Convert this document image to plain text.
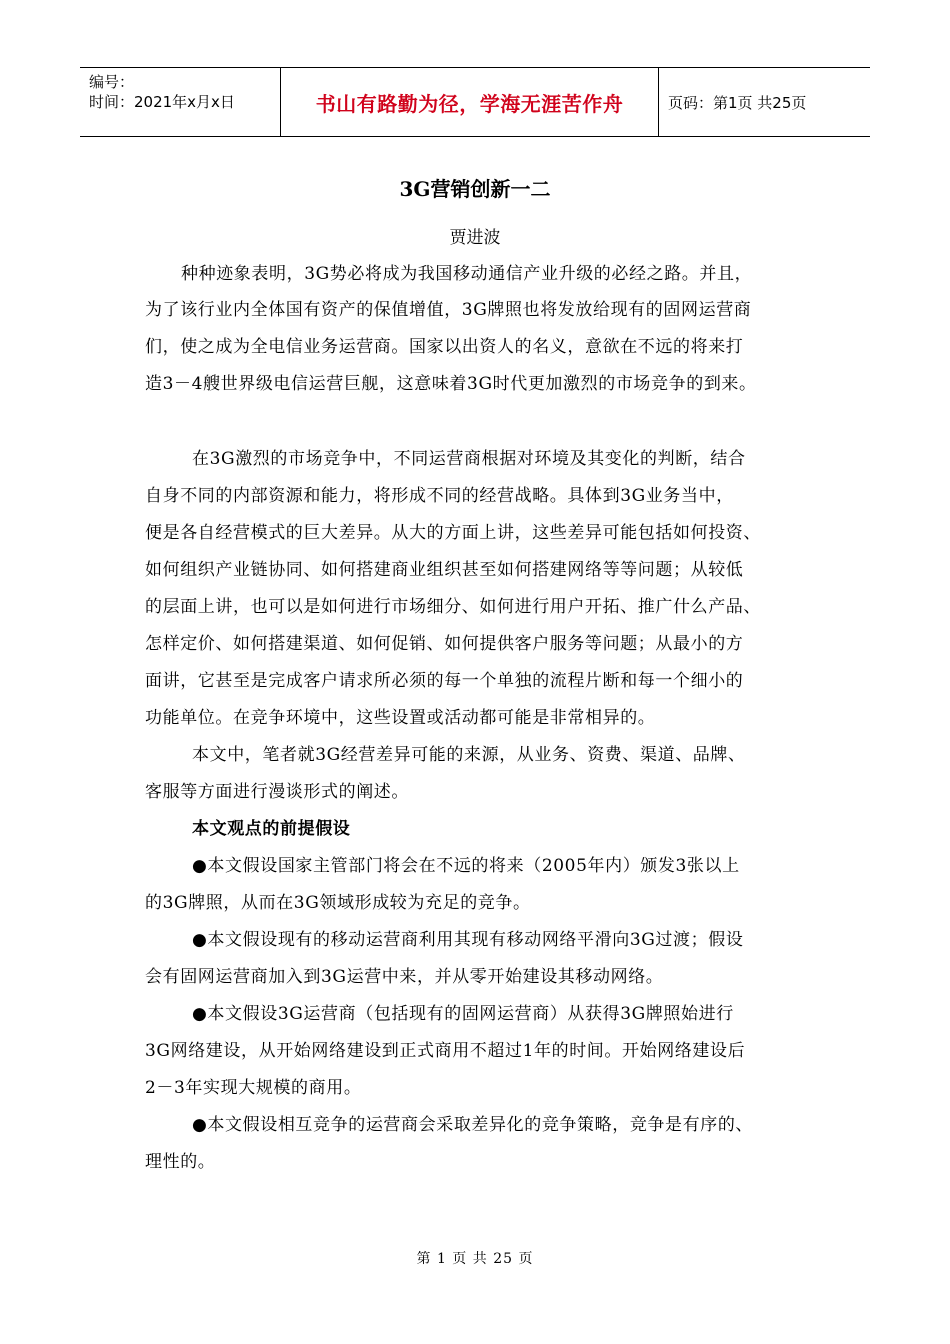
编号：
时间：2021年x月x日	书山有路勤为径，学海无涯苦作舟	页码：第1页 共25页
3G营销创新一二
贾进波
种种迹象表明，3G势必将成为我国移动通信产业升级的必经之路。并且，
为了该行业内全体国有资产的保值增值，3G牌照也将发放给现有的固网运营商
们，使之成为全电信业务运营商。国家以出资人的名义，意欲在不远的将来打
造3－4艘世界级电信运营巨舰，这意味着3G时代更加激烈的市场竞争的到来。
在3G激烈的市场竞争中，不同运营商根据对环境及其变化的判断，结合
自身不同的内部资源和能力，将形成不同的经营战略。具体到3G业务当中，
便是各自经营模式的巨大差异。从大的方面上讲，这些差异可能包括如何投资、
如何组织产业链协同、如何搭建商业组织甚至如何搭建网络等等问题；从较低
的层面上讲，也可以是如何进行市场细分、如何进行用户开拓、推广什么产品、
怎样定价、如何搭建渠道、如何促销、如何提供客户服务等问题；从最小的方
面讲，它甚至是完成客户请求所必须的每一个单独的流程片断和每一个细小的
功能单位。在竞争环境中，这些设置或活动都可能是非常相异的。
本文中，笔者就3G经营差异可能的来源，从业务、资费、渠道、品牌、
客服等方面进行漫谈形式的阐述。
本文观点的前提假设
●本文假设国家主管部门将会在不远的将来（2005年内）颁发3张以上
的3G牌照，从而在3G领域形成较为充足的竞争。
●本文假设现有的移动运营商利用其现有移动网络平滑向3G过渡；假设
会有固网运营商加入到3G运营中来，并从零开始建设其移动网络。
●本文假设3G运营商（包括现有的固网运营商）从获得3G牌照始进行
3G网络建设，从开始网络建设到正式商用不超过1年的时间。开始网络建设后
2－3年实现大规模的商用。
●本文假设相互竞争的运营商会采取差异化的竞争策略，竞争是有序的、
理性的。
第 1 页 共 25 页
